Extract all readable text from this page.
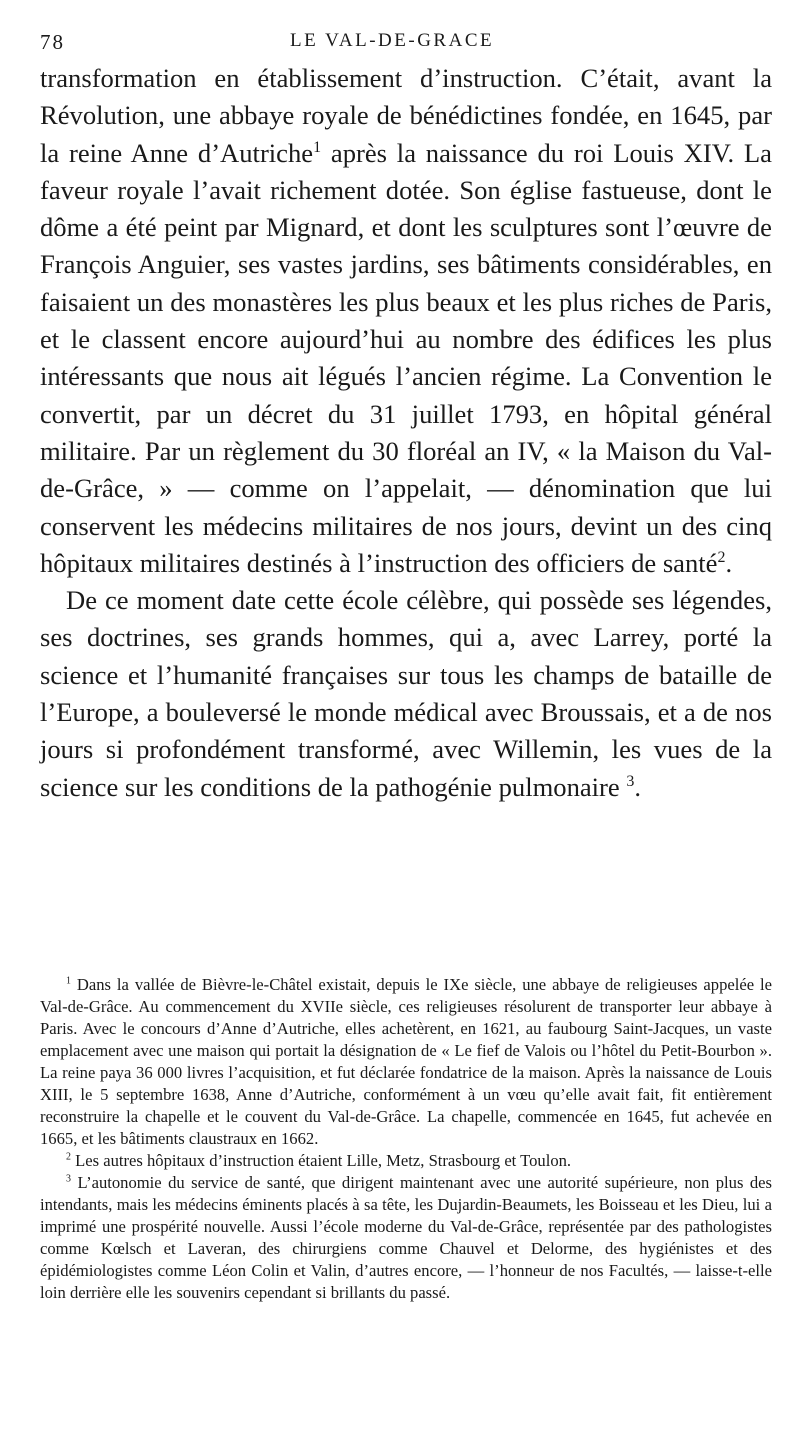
78	LE VAL-DE-GRACE

transformation en établissement d’instruction. C’était, avant la Révolution, une abbaye royale de bénédictines fondée, en 1645, par la reine Anne d’Autriche$^1$ après la naissance du roi Louis XIV. La faveur royale l’avait richement dotée. Son église fastueuse, dont le dôme a été peint par Mignard, et dont les sculptures sont l’œuvre de François Anguier, ses vastes jardins, ses bâtiments considérables, en faisaient un des monastères les plus beaux et les plus riches de Paris, et le classent encore aujourd’hui au nombre des édifices les plus intéressants que nous ait légués l’ancien régime. La Convention le convertit, par un décret du 31 juillet 1793, en hôpital général militaire. Par un règlement du 30 floréal an IV, « la Maison du Val-de-Grâce, » — comme on l’appelait, — dénomination que lui conservent les médecins militaires de nos jours, devint un des cinq hôpitaux militaires destinés à l’instruction des officiers de santé$^2$.

De ce moment date cette école célèbre, qui possède ses légendes, ses doctrines, ses grands hommes, qui a, avec Larrey, porté la science et l’humanité françaises sur tous les champs de bataille de l’Europe, a bouleversé le monde médical avec Broussais, et a de nos jours si profondément transformé, avec Willemin, les vues de la science sur les conditions de la pathogénie pulmonaire $^3$.

$^1$ Dans la vallée de Bièvre-le-Châtel existait, depuis le IXe siècle, une abbaye de religieuses appelée le Val-de-Grâce. Au commencement du XVIIe siècle, ces religieuses résolurent de transporter leur abbaye à Paris. Avec le concours d’Anne d’Autriche, elles achetèrent, en 1621, au faubourg Saint-Jacques, un vaste emplacement avec une maison qui portait la désignation de « Le fief de Valois ou l’hôtel du Petit-Bourbon ». La reine paya 36 000 livres l’acquisition, et fut déclarée fondatrice de la maison. Après la naissance de Louis XIII, le 5 septembre 1638, Anne d’Autriche, conformément à un vœu qu’elle avait fait, fit entièrement reconstruire la chapelle et le couvent du Val-de-Grâce. La chapelle, commencée en 1645, fut achevée en 1665, et les bâtiments claustraux en 1662.

$^2$ Les autres hôpitaux d’instruction étaient Lille, Metz, Strasbourg et Toulon.

$^3$ L’autonomie du service de santé, que dirigent maintenant avec une autorité supérieure, non plus des intendants, mais les médecins éminents placés à sa tête, les Dujardin-Beaumets, les Boisseau et les Dieu, lui a imprimé une prospérité nouvelle. Aussi l’école moderne du Val-de-Grâce, représentée par des pathologistes comme Kœlsch et Laveran, des chirurgiens comme Chauvel et Delorme, des hygiénistes et des épidémiologistes comme Léon Colin et Valin, d’autres encore, — l’honneur de nos Facultés, — laisse-t-elle loin derrière elle les souvenirs cependant si brillants du passé.
